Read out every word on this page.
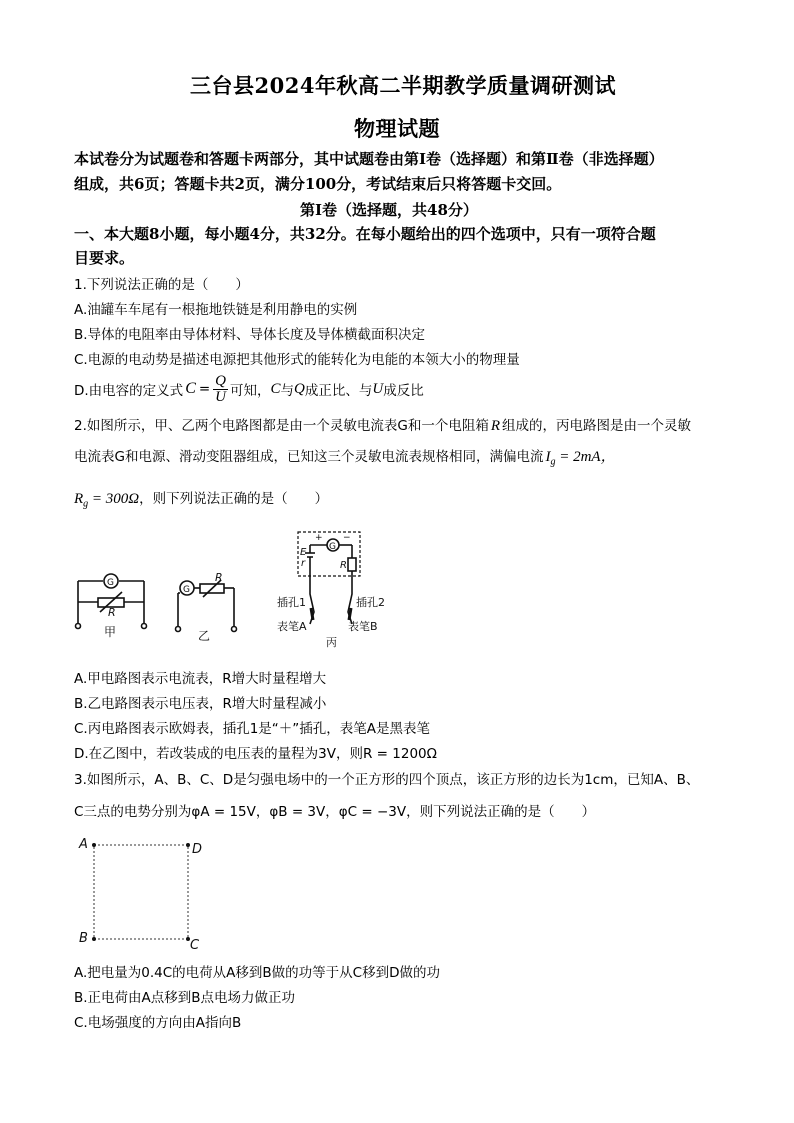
三台县2024年秋高二半期教学质量调研测试
物理试题
本试卷分为试题卷和答题卡两部分，其中试题卷由第Ⅰ卷（选择题）和第Ⅱ卷（非选择题）
组成，共6页；答题卡共2页，满分100分，考试结束后只将答题卡交回。
第Ⅰ卷（选择题，共48分）
一、本大题8小题，每小题4分，共32分。在每小题给出的四个选项中，只有一项符合题
目要求。
1.下列说法正确的是（　　）
A.油罐车车尾有一根拖地铁链是利用静电的实例
B.导体的电阻率由导体材料、导体长度及导体横截面积决定
C.电源的电动势是描述电源把其他形式的能转化为电能的本领大小的物理量
D.由电容的定义式 $C = \frac{Q}{U}$ 可知， C 与 Q 成正比、与 U 成反比
2.如图所示，甲、乙两个电路图都是由一个灵敏电流表G和一个电阻箱 R 组成的，丙电路图是由一个灵敏
电流表G和电源、滑动变阻器组成，已知这三个灵敏电流表规格相同，满偏电流 $I_g = 2mA$，
$R_g = 300\Omega$，则下列说法正确的是（　　）
G
R
甲
G
R
乙
G
+ −
E
r	R
插孔1	插孔2
表笔A	表笔B
丙
A.甲电路图表示电流表，R增大时量程增大
B.乙电路图表示电压表，R增大时量程减小
C.丙电路图表示欧姆表，插孔1是“＋”插孔，表笔A是黑表笔
D.在乙图中，若改装成的电压表的量程为3V，则R = 1200Ω
3.如图所示，A、B、C、D是匀强电场中的一个正方形的四个顶点，该正方形的边长为1cm，已知A、B、
C三点的电势分别为φA = 15V，φB = 3V，φC = −3V，则下列说法正确的是（　　）
A	D
B	C
A.把电量为0.4C的电荷从A移到B做的功等于从C移到D做的功
B.正电荷由A点移到B点电场力做正功
C.电场强度的方向由A指向B
